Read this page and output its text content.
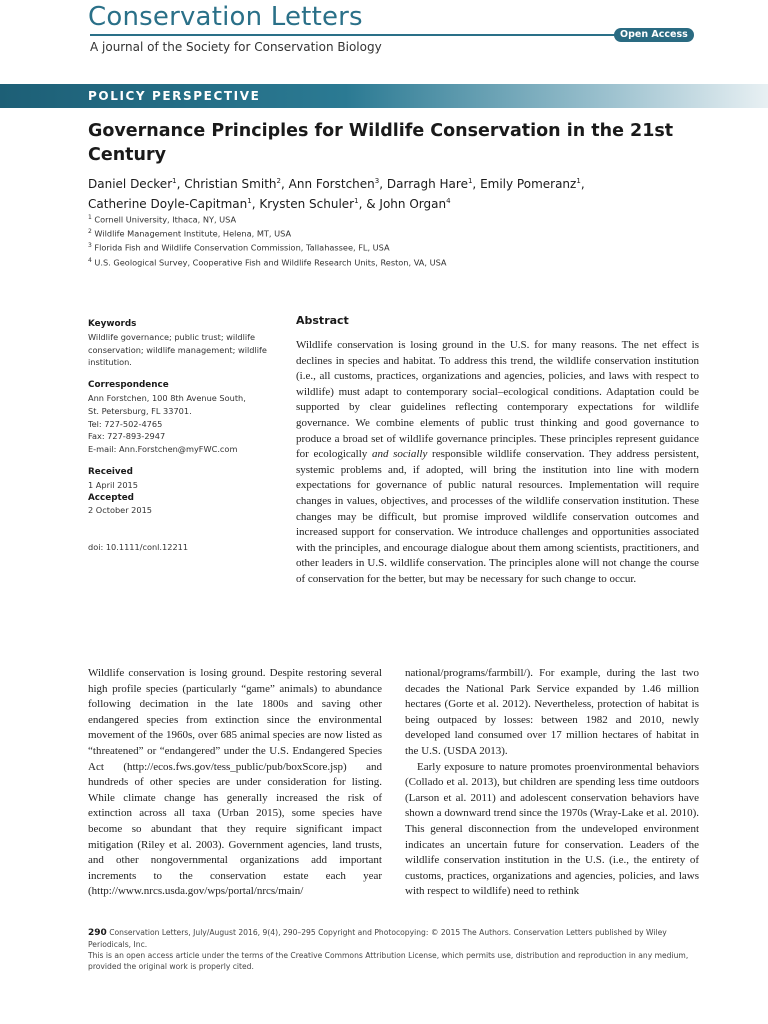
Conservation Letters
Open Access
A journal of the Society for Conservation Biology
POLICY PERSPECTIVE
Governance Principles for Wildlife Conservation in the 21st Century
Daniel Decker$^1$, Christian Smith$^2$, Ann Forstchen$^3$, Darragh Hare$^1$, Emily Pomeranz$^1$,
Catherine Doyle-Capitman$^1$, Krysten Schuler$^1$, & John Organ$^4$
$^1$ Cornell University, Ithaca, NY, USA
$^2$ Wildlife Management Institute, Helena, MT, USA
$^3$ Florida Fish and Wildlife Conservation Commission, Tallahassee, FL, USA
$^4$ U.S. Geological Survey, Cooperative Fish and Wildlife Research Units, Reston, VA, USA
Keywords
Wildlife governance; public trust; wildlife
conservation; wildlife management; wildlife
institution.
Correspondence
Ann Forstchen, 100 8th Avenue South,
St. Petersburg, FL 33701.
Tel: 727-502-4765
Fax: 727-893-2947
E-mail: Ann.Forstchen@myFWC.com
Received
1 April 2015
Accepted
2 October 2015
doi: 10.1111/conl.12211
Abstract
Wildlife conservation is losing ground in the U.S. for many reasons. The net effect is declines in species and habitat. To address this trend, the wildlife conservation institution (i.e., all customs, practices, organizations and agencies, policies, and laws with respect to wildlife) must adapt to contemporary social–ecological conditions. Adaptation could be supported by clear guidelines reflecting contemporary expectations for wildlife governance. We combine elements of public trust thinking and good governance to produce a broad set of wildlife governance principles. These principles represent guidance for ecologically and socially responsible wildlife conservation. They address persistent, systemic problems and, if adopted, will bring the institution into line with modern expectations for governance of public natural resources. Implementation will require changes in values, objectives, and processes of the wildlife conservation institution. These changes may be difficult, but promise improved wildlife conservation outcomes and increased support for conservation. We introduce challenges and opportunities associated with the principles, and encourage dialogue about them among scientists, practitioners, and other leaders in U.S. wildlife conservation. The principles alone will not change the course of conservation for the better, but may be necessary for such change to occur.

Wildlife conservation is losing ground. Despite restoring several high profile species (particularly “game” animals) to abundance following decimation in the late 1800s and saving other endangered species from extinction since the environmental movement of the 1960s, over 685 animal species are now listed as “threatened” or “endangered” under the U.S. Endangered Species Act (http://ecos.fws.gov/tess_public/pub/boxScore.jsp) and hundreds of other species are under consideration for listing. While climate change has generally increased the risk of extinction across all taxa (Urban 2015), some species have become so abundant that they require significant impact mitigation (Riley et al. 2003). Government agencies, land trusts, and other nongovernmental organizations add important increments to the conservation estate each year (http://www.nrcs.usda.gov/wps/portal/nrcs/main/

national/programs/farmbill/). For example, during the last two decades the National Park Service expanded by 1.46 million hectares (Gorte et al. 2012). Nevertheless, protection of habitat is being outpaced by losses: between 1982 and 2010, newly developed land consumed over 17 million hectares of habitat in the U.S. (USDA 2013).

Early exposure to nature promotes proenvironmental behaviors (Collado et al. 2013), but children are spending less time outdoors (Larson et al. 2011) and adolescent conservation behaviors have shown a downward trend since the 1970s (Wray-Lake et al. 2010). This general disconnection from the undeveloped environment indicates an uncertain future for conservation. Leaders of the wildlife conservation institution in the U.S. (i.e., the entirety of customs, practices, organizations and agencies, policies, and laws with respect to wildlife) need to rethink

290 Conservation Letters, July/August 2016, 9(4), 290–295 Copyright and Photocopying: © 2015 The Authors. Conservation Letters published by Wiley Periodicals, Inc.
This is an open access article under the terms of the Creative Commons Attribution License, which permits use, distribution and reproduction in any medium, provided the original work is properly cited.
